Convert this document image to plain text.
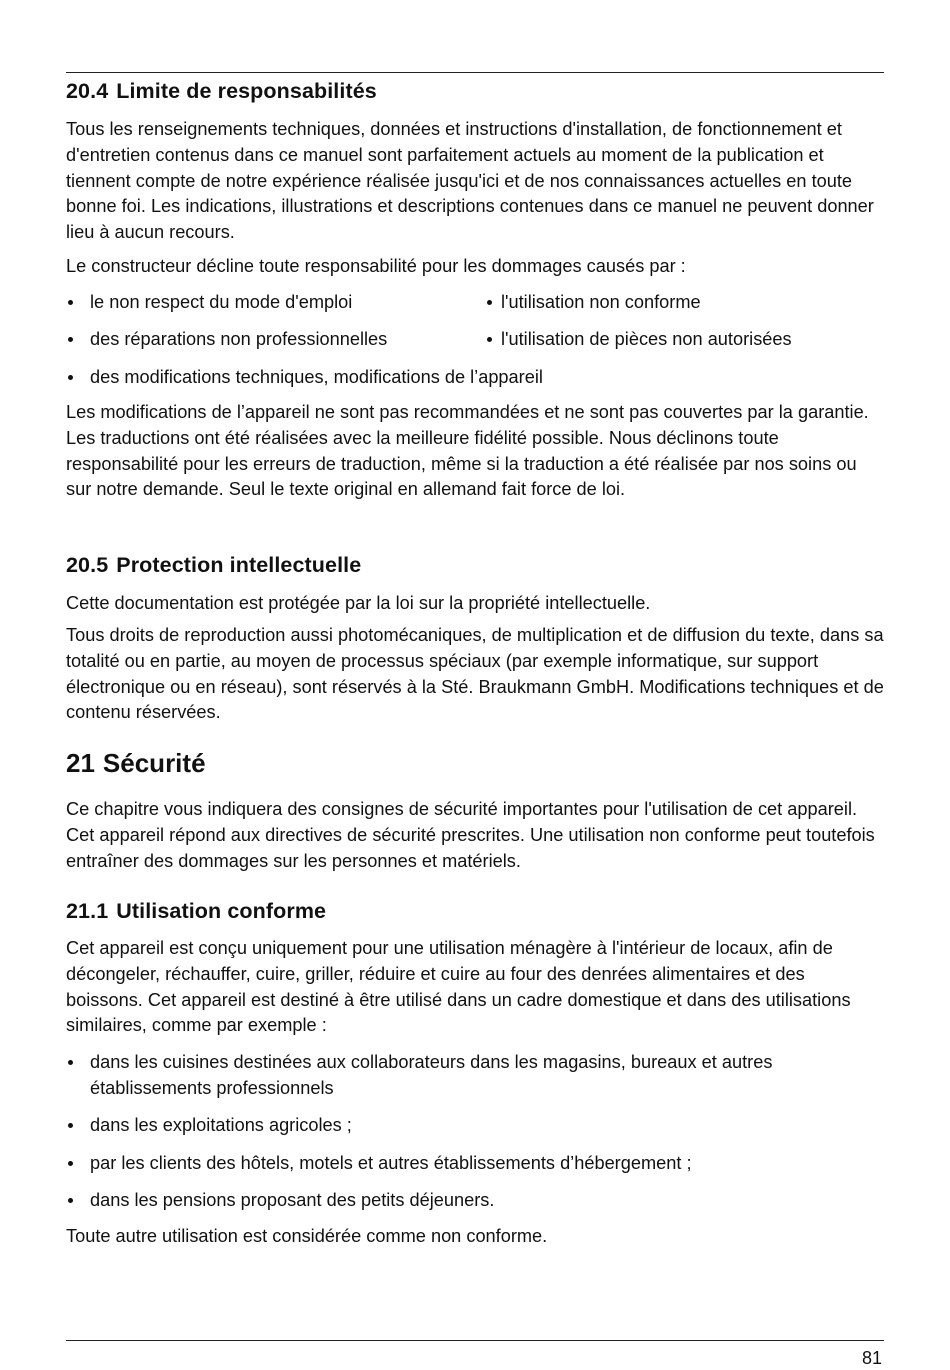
20.4 Limite de responsabilités

Tous les renseignements techniques, données et instructions d'installation, de fonctionnement et d'entretien contenus dans ce manuel sont parfaitement actuels au moment de la publication et tiennent compte de notre expérience réalisée jusqu'ici et de nos connaissances actuelles en toute bonne foi. Les indications, illustrations et descriptions contenues dans ce manuel ne peuvent donner lieu à aucun recours.

Le constructeur décline toute responsabilité pour les dommages causés par :

le non respect du mode d'emploi	l'utilisation non conforme
des réparations non professionnelles	l'utilisation de pièces non autorisées
des modifications techniques, modifications de l’appareil

Les modifications de l’appareil ne sont pas recommandées et ne sont pas couvertes par la garantie. Les traductions ont été réalisées avec la meilleure fidélité possible. Nous déclinons toute responsabilité pour les erreurs de traduction, même si la traduction a été réalisée par nos soins ou sur notre demande. Seul le texte original en allemand fait force de loi.

20.5 Protection intellectuelle

Cette documentation est protégée par la loi sur la propriété intellectuelle.

Tous droits de reproduction aussi photomécaniques, de multiplication et de diffusion du texte, dans sa totalité ou en partie, au moyen de processus spéciaux (par exemple informatique, sur support électronique ou en réseau), sont réservés à la Sté. Braukmann GmbH. Modifications techniques et de contenu réservées.

21 Sécurité

Ce chapitre vous indiquera des consignes de sécurité importantes pour l'utilisation de cet appareil. Cet appareil répond aux directives de sécurité prescrites. Une utilisation non conforme peut toutefois entraîner des dommages sur les personnes et matériels.

21.1 Utilisation conforme

Cet appareil est conçu uniquement pour une utilisation ménagère à l'intérieur de locaux, afin de décongeler, réchauffer, cuire, griller, réduire et cuire au four des denrées alimentaires et des boissons. Cet appareil est destiné à être utilisé dans un cadre domestique et dans des utilisations similaires, comme par exemple :

dans les cuisines destinées aux collaborateurs dans les magasins, bureaux et autres établissements professionnels
dans les exploitations agricoles ;
par les clients des hôtels, motels et autres établissements d’hébergement ;
dans les pensions proposant des petits déjeuners.

Toute autre utilisation est considérée comme non conforme.

81
